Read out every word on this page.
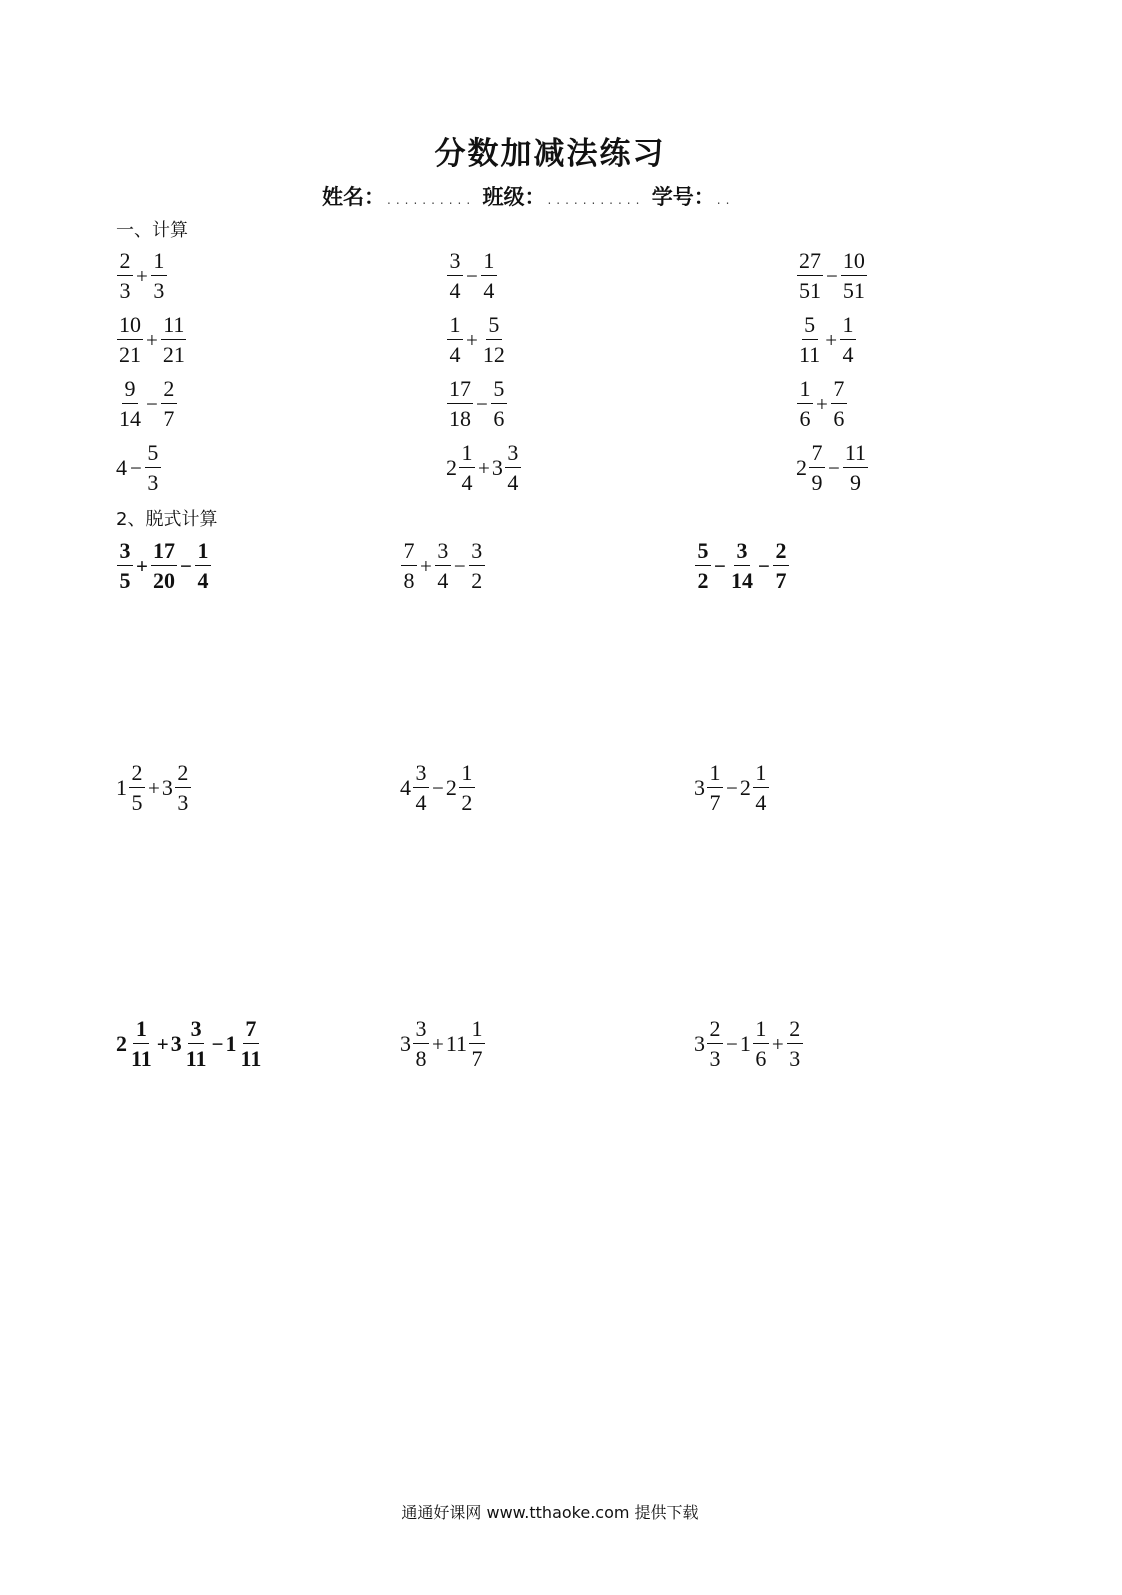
分数加减法练习
姓名： .......... 班级： ........... 学号： ..
一、计算
$\frac{2}{3} + \frac{1}{3}$	$\frac{3}{4} - \frac{1}{4}$	$\frac{27}{51} - \frac{10}{51}$
$\frac{10}{21} + \frac{11}{21}$	$\frac{1}{4} + \frac{5}{12}$	$\frac{5}{11} + \frac{1}{4}$
$\frac{9}{14} - \frac{2}{7}$	$\frac{17}{18} - \frac{5}{6}$	$\frac{1}{6} + \frac{7}{6}$
$4 - \frac{5}{3}$	$2 \frac{1}{4} + 3 \frac{3}{4}$	$2 \frac{7}{9} - \frac{11}{9}$
2、脱式计算
$\frac{3}{5} + \frac{17}{20} - \frac{1}{4}$	$\frac{7}{8} + \frac{3}{4} - \frac{3}{2}$	$\frac{5}{2} - \frac{3}{14} - \frac{2}{7}$
$1 \frac{2}{5} + 3 \frac{2}{3}$	$4 \frac{3}{4} - 2 \frac{1}{2}$	$3 \frac{1}{7} - 2 \frac{1}{4}$
$2 \frac{1}{11} + 3 \frac{3}{11} - 1 \frac{7}{11}$	$3 \frac{3}{8} + 11 \frac{1}{7}$	$3 \frac{2}{3} - 1 \frac{1}{6} + \frac{2}{3}$
通通好课网 www.tthaoke.com 提供下载
